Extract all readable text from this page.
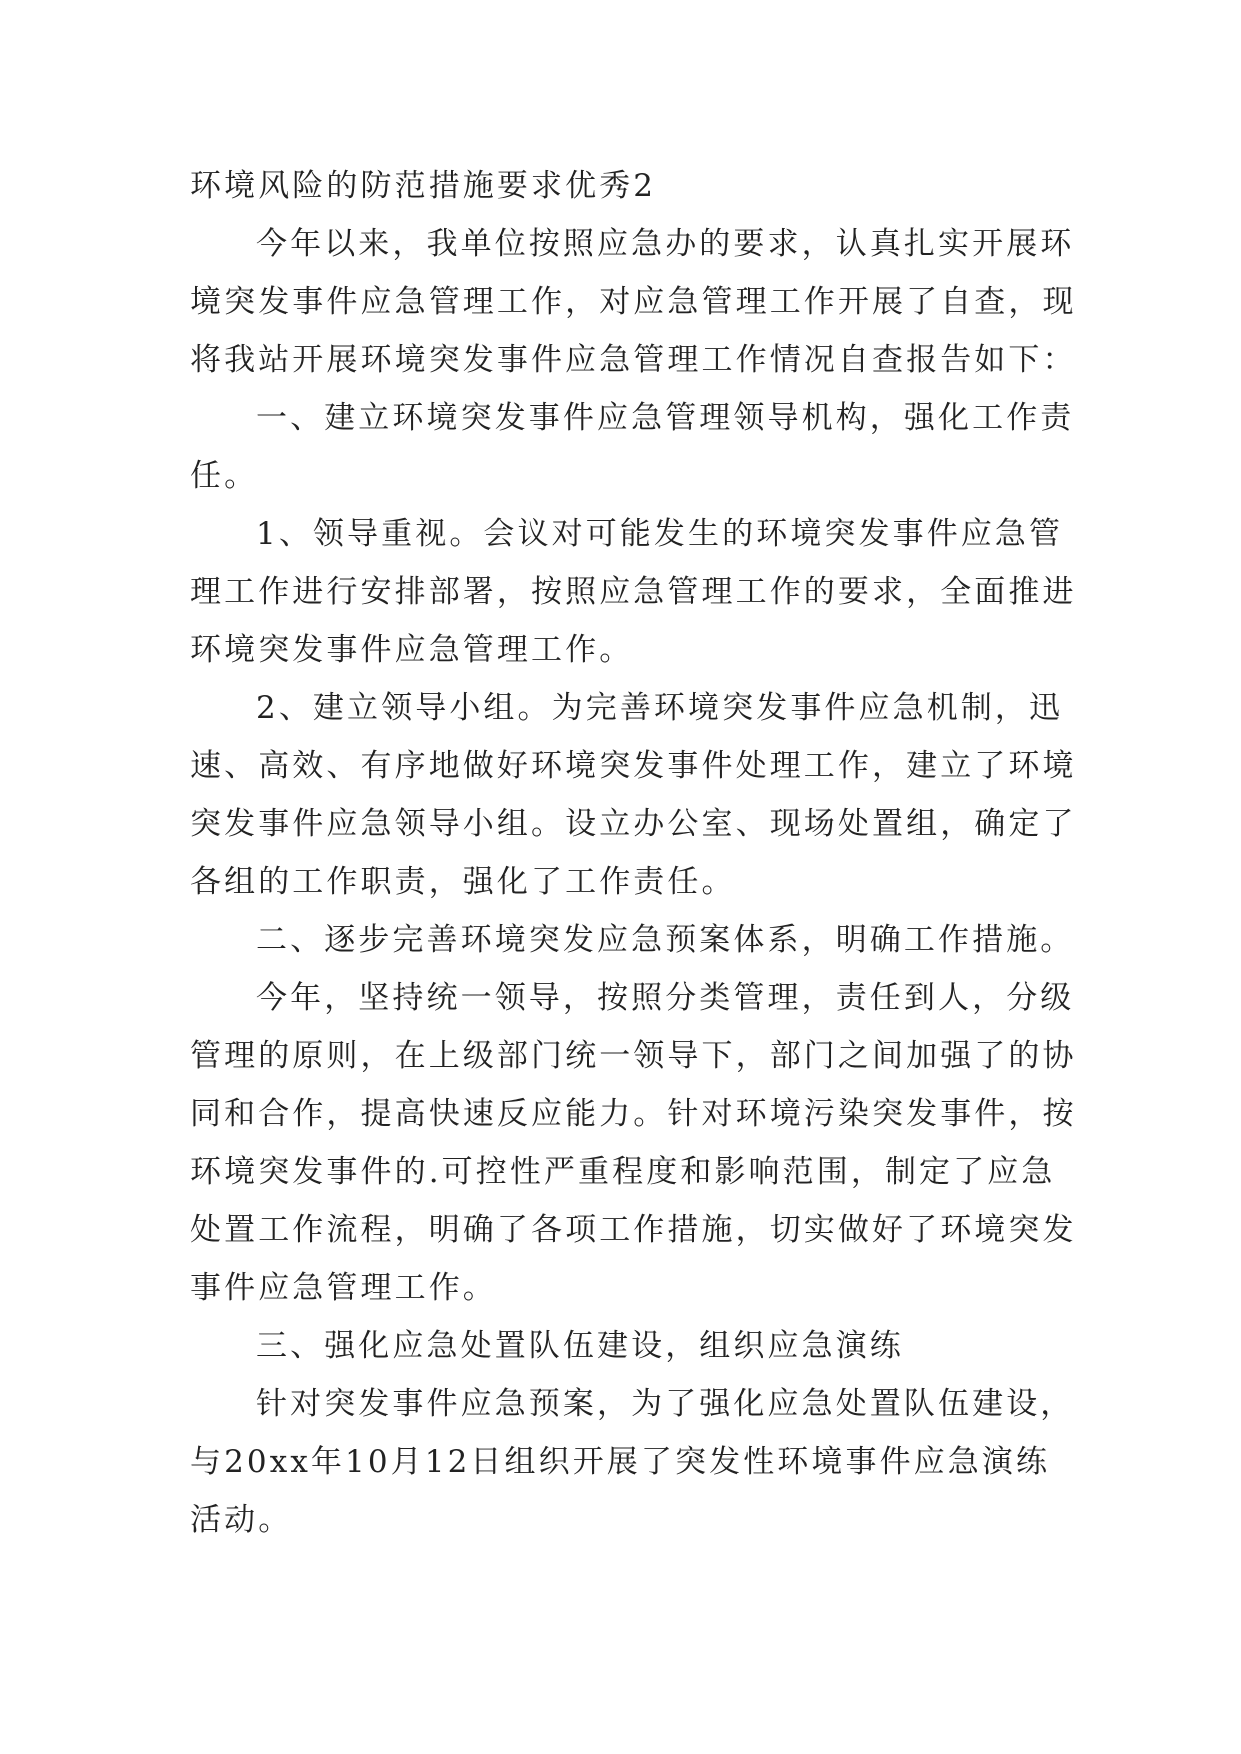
环境风险的防范措施要求优秀2
今年以来，我单位按照应急办的要求，认真扎实开展环
境突发事件应急管理工作，对应急管理工作开展了自查，现
将我站开展环境突发事件应急管理工作情况自查报告如下：
一、建立环境突发事件应急管理领导机构，强化工作责
任。
1、领导重视。会议对可能发生的环境突发事件应急管
理工作进行安排部署，按照应急管理工作的要求，全面推进
环境突发事件应急管理工作。
2、建立领导小组。为完善环境突发事件应急机制，迅
速、高效、有序地做好环境突发事件处理工作，建立了环境
突发事件应急领导小组。设立办公室、现场处置组，确定了
各组的工作职责，强化了工作责任。
二、逐步完善环境突发应急预案体系，明确工作措施。
今年，坚持统一领导，按照分类管理，责任到人，分级
管理的原则，在上级部门统一领导下，部门之间加强了的协
同和合作，提高快速反应能力。针对环境污染突发事件，按
环境突发事件的.可控性严重程度和影响范围，制定了应急
处置工作流程，明确了各项工作措施，切实做好了环境突发
事件应急管理工作。
三、强化应急处置队伍建设，组织应急演练
针对突发事件应急预案，为了强化应急处置队伍建设，
与20xx年10月12日组织开展了突发性环境事件应急演练
活动。
